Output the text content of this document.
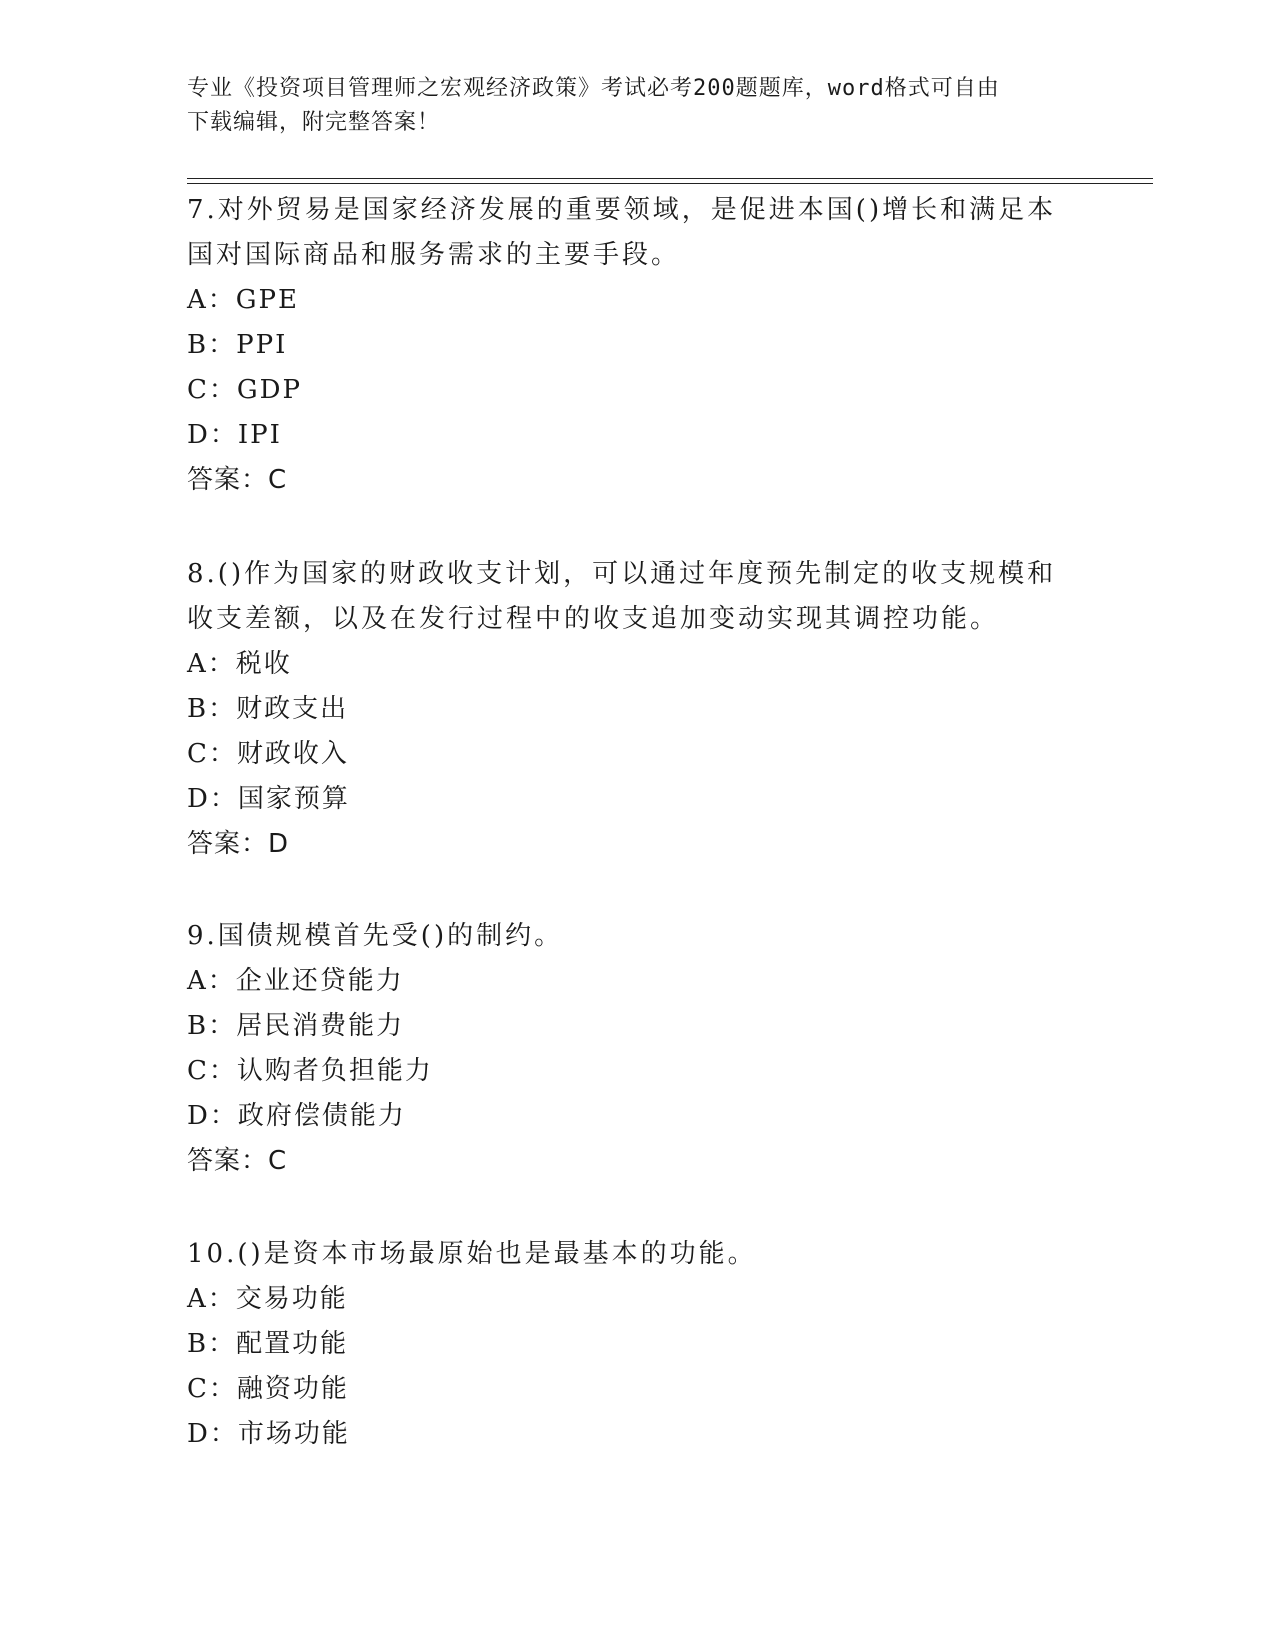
专业《投资项目管理师之宏观经济政策》考试必考200题题库，word格式可自由
下载编辑，附完整答案！

7.对外贸易是国家经济发展的重要领域，是促进本国()增长和满足本

国对国际商品和服务需求的主要手段。

A：GPE

B：PPI

C：GDP

D：IPI

答案：C

8.()作为国家的财政收支计划，可以通过年度预先制定的收支规模和

收支差额，以及在发行过程中的收支追加变动实现其调控功能。

A：税收

B：财政支出

C：财政收入

D：国家预算

答案：D

9.国债规模首先受()的制约。

A：企业还贷能力

B：居民消费能力

C：认购者负担能力

D：政府偿债能力

答案：C

10.()是资本市场最原始也是最基本的功能。

A：交易功能

B：配置功能

C：融资功能

D：市场功能
